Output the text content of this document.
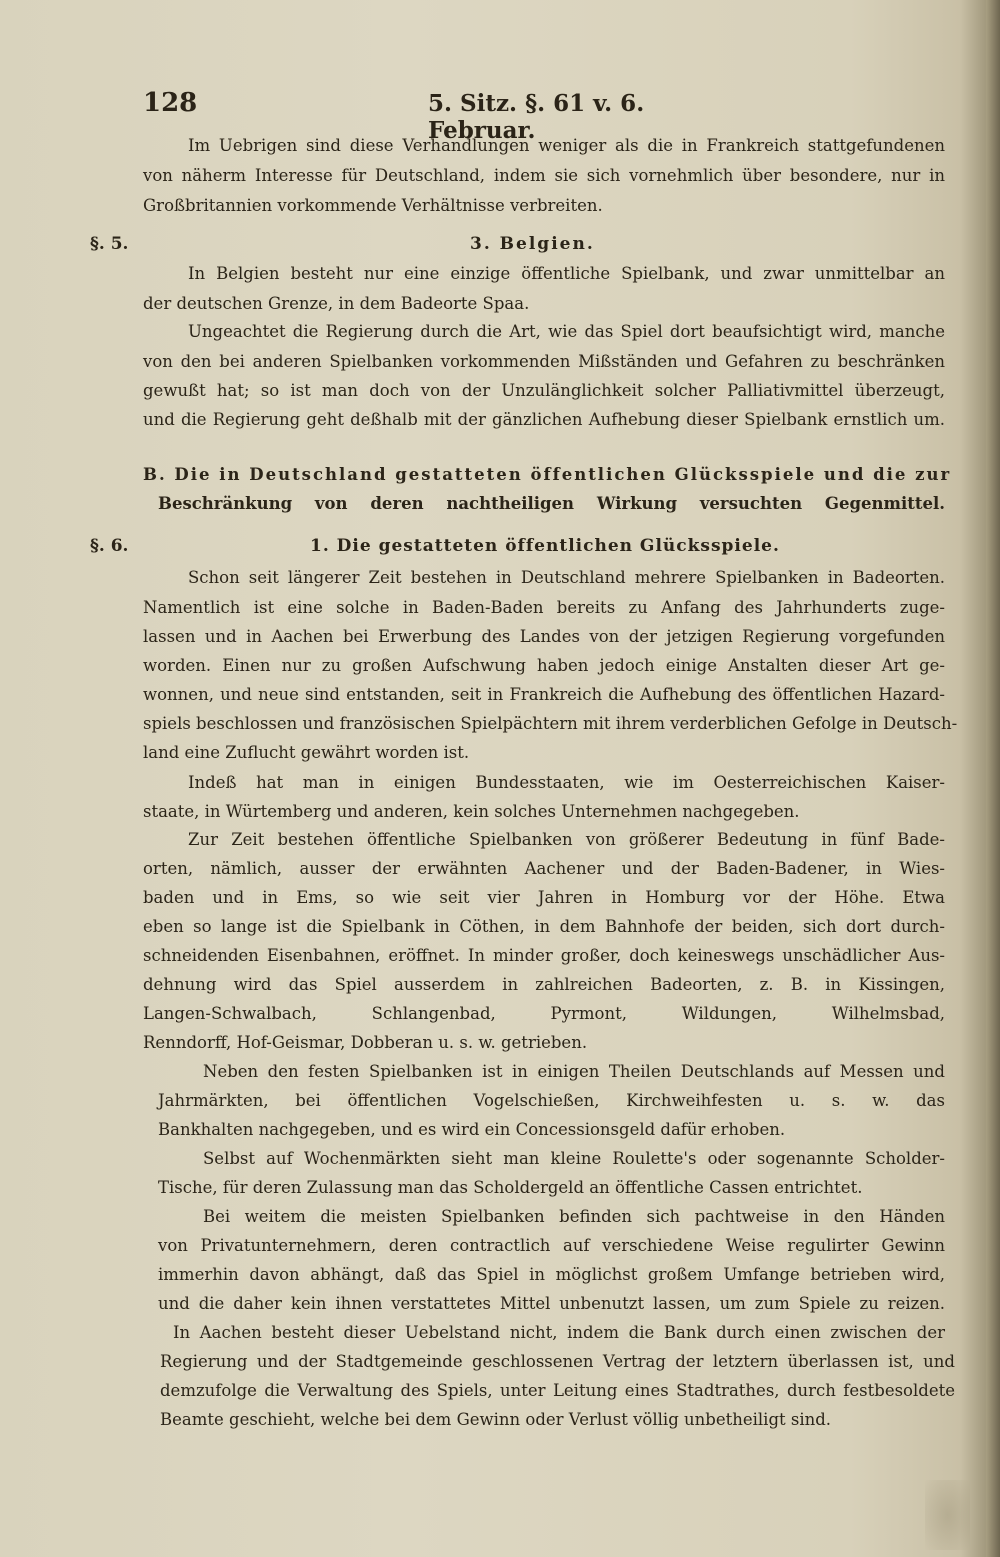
128	5. Sitz. §. 61 v. 6. Februar.
Im Uebrigen sind diese Verhandlungen weniger als die in Frankreich stattgefundenen
von näherm Interesse für Deutschland, indem sie sich vornehmlich über besondere, nur in
Großbritannien vorkommende Verhältnisse verbreiten.
§. 5.	3. Belgien.
In Belgien besteht nur eine einzige öffentliche Spielbank, und zwar unmittelbar an
der deutschen Grenze, in dem Badeorte Spaa.
Ungeachtet die Regierung durch die Art, wie das Spiel dort beaufsichtigt wird, manche
von den bei anderen Spielbanken vorkommenden Mißständen und Gefahren zu beschränken
gewußt hat; so ist man doch von der Unzulänglichkeit solcher Palliativmittel überzeugt,
und die Regierung geht deßhalb mit der gänzlichen Aufhebung dieser Spielbank ernstlich um.
B. Die in Deutschland gestatteten öffentlichen Glücksspiele und die zur
Beschränkung von deren nachtheiligen Wirkung versuchten Gegenmittel.
§. 6.	1. Die gestatteten öffentlichen Glücksspiele.
Schon seit längerer Zeit bestehen in Deutschland mehrere Spielbanken in Badeorten.
Namentlich ist eine solche in Baden-Baden bereits zu Anfang des Jahrhunderts zuge-
lassen und in Aachen bei Erwerbung des Landes von der jetzigen Regierung vorgefunden
worden. Einen nur zu großen Aufschwung haben jedoch einige Anstalten dieser Art ge-
wonnen, und neue sind entstanden, seit in Frankreich die Aufhebung des öffentlichen Hazard-
spiels beschlossen und französischen Spielpächtern mit ihrem verderblichen Gefolge in Deutsch-
land eine Zuflucht gewährt worden ist.
Indeß hat man in einigen Bundesstaaten, wie im Oesterreichischen Kaiser-
staate, in Würtemberg und anderen, kein solches Unternehmen nachgegeben.
Zur Zeit bestehen öffentliche Spielbanken von größerer Bedeutung in fünf Bade-
orten, nämlich, ausser der erwähnten Aachener und der Baden-Badener, in Wies-
baden und in Ems, so wie seit vier Jahren in Homburg vor der Höhe. Etwa
eben so lange ist die Spielbank in Cöthen, in dem Bahnhofe der beiden, sich dort durch-
schneidenden Eisenbahnen, eröffnet. In minder großer, doch keineswegs unschädlicher Aus-
dehnung wird das Spiel ausserdem in zahlreichen Badeorten, z. B. in Kissingen,
Langen-Schwalbach, Schlangenbad, Pyrmont, Wildungen, Wilhelmsbad,
Renndorff, Hof-Geismar, Dobberan u. s. w. getrieben.
Neben den festen Spielbanken ist in einigen Theilen Deutschlands auf Messen und
Jahrmärkten, bei öffentlichen Vogelschießen, Kirchweihfesten u. s. w. das
Bankhalten nachgegeben, und es wird ein Concessionsgeld dafür erhoben.
Selbst auf Wochenmärkten sieht man kleine Roulette's oder sogenannte Scholder-
Tische, für deren Zulassung man das Scholdergeld an öffentliche Cassen entrichtet.
Bei weitem die meisten Spielbanken befinden sich pachtweise in den Händen
von Privatunternehmern, deren contractlich auf verschiedene Weise regulirter Gewinn
immerhin davon abhängt, daß das Spiel in möglichst großem Umfange betrieben wird,
und die daher kein ihnen verstattetes Mittel unbenutzt lassen, um zum Spiele zu reizen.
In Aachen besteht dieser Uebelstand nicht, indem die Bank durch einen zwischen der
Regierung und der Stadtgemeinde geschlossenen Vertrag der letztern überlassen ist, und
demzufolge die Verwaltung des Spiels, unter Leitung eines Stadtrathes, durch festbesoldete
Beamte geschieht, welche bei dem Gewinn oder Verlust völlig unbetheiligt sind.
